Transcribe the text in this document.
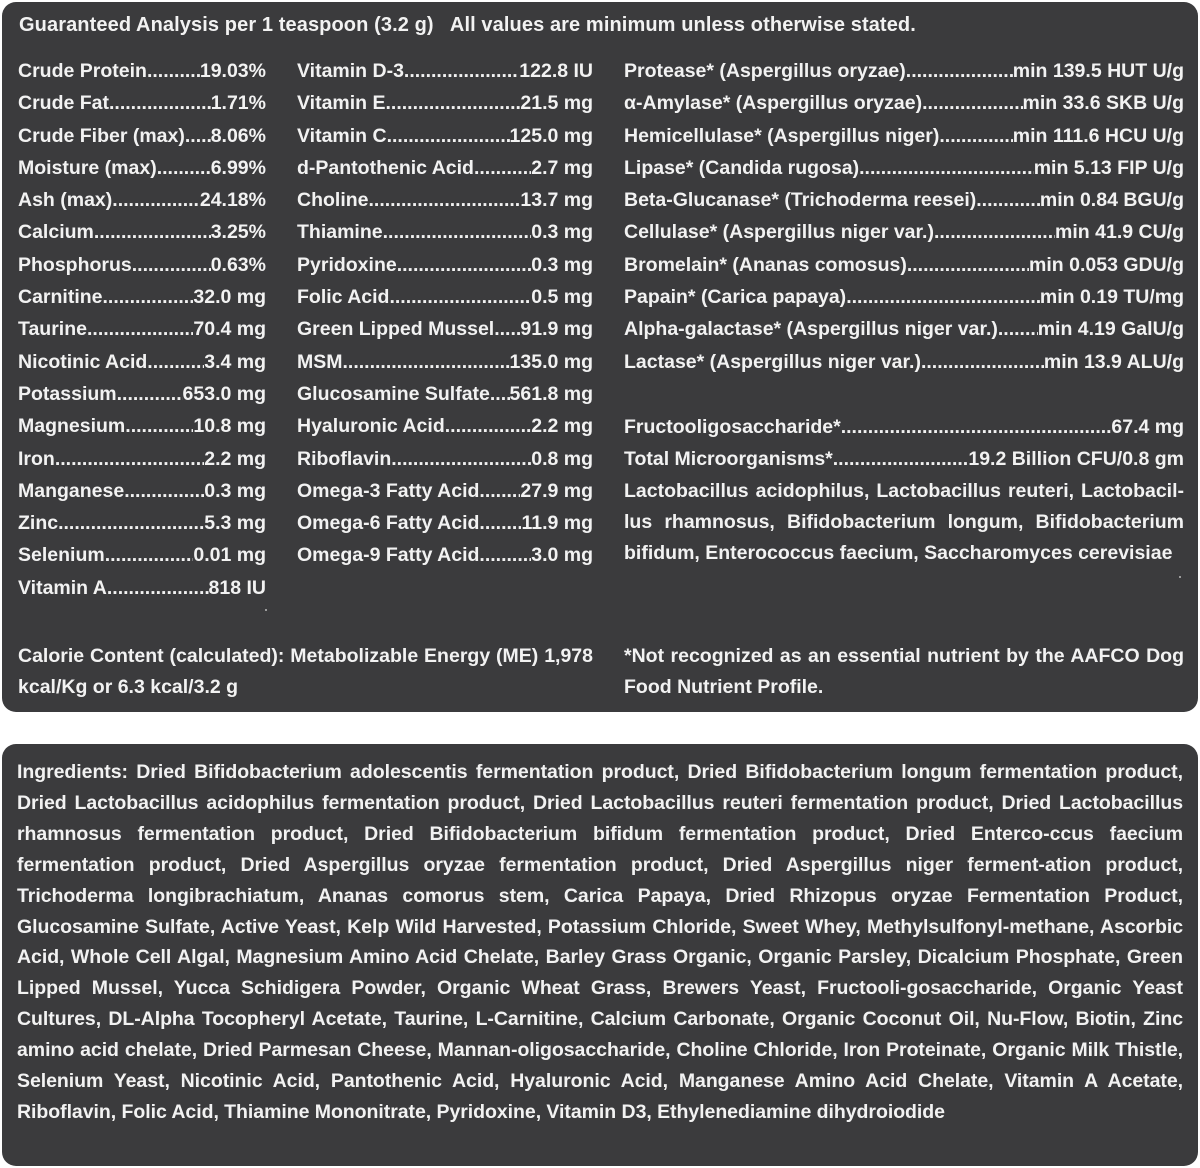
Guaranteed Analysis per 1 teaspoon (3.2 g)   All values are minimum unless otherwise stated.
Crude Protein .....	19.03%
Crude Fat .....	1.71%
Crude Fiber (max) ..... 8.06%
Moisture (max) .....	6.99%
Ash (max) .....	24.18%
Calcium .....	3.25%
Phosphorus .....	0.63%
Carnitine .....	32.0 mg
Taurine .....	70.4 mg
Nicotinic Acid .....	3.4 mg
Potassium .....	653.0 mg
Magnesium .....	10.8 mg
Iron .....	2.2 mg
Manganese .....	0.3 mg
Zinc .....	5.3 mg
Selenium .....	0.01 mg
Vitamin A .....	818 IU
Vitamin D-3 .....	122.8 IU
Vitamin E .....	21.5 mg
Vitamin C .....	125.0 mg
d-Pantothenic Acid .....	2.7 mg
Choline .....	13.7 mg
Thiamine .....	0.3 mg
Pyridoxine .....	0.3 mg
Folic Acid .....	0.5 mg
Green Lipped Mussel ..... 91.9 mg
MSM .....	135.0 mg
Glucosamine Sulfate ..... 561.8 mg
Hyaluronic Acid .....	2.2 mg
Riboflavin .....	0.8 mg
Omega-3 Fatty Acid ..... 27.9 mg
Omega-6 Fatty Acid ..... 11.9 mg
Omega-9 Fatty Acid .....	3.0 mg
Protease* (Aspergillus oryzae) .....	min 139.5 HUT U/g
α-Amylase* (Aspergillus oryzae) .....	min 33.6 SKB U/g
Hemicellulase* (Aspergillus niger) .....	min 111.6 HCU U/g
Lipase* (Candida rugosa) .....	min 5.13 FIP U/g
Beta-Glucanase* (Trichoderma reesei) .....	min 0.84 BGU/g
Cellulase* (Aspergillus niger var.) .....	min 41.9 CU/g
Bromelain* (Ananas comosus) .....	min 0.053 GDU/g
Papain* (Carica papaya) .....	min 0.19 TU/mg
Alpha-galactase* (Aspergillus niger var.) ..... min 4.19 GalU/g
Lactase* (Aspergillus niger var.) .....	min 13.9 ALU/g
Fructooligosaccharide* .....	67.4 mg
Total Microorganisms* .....	19.2 Billion CFU/0.8 gm
Lactobacillus acidophilus, Lactobacillus reuteri, Lactobacil-lus rhamnosus, Bifidobacterium longum, Bifidobacterium bifidum, Enterococcus faecium, Saccharomyces cerevisiae
Calorie Content (calculated): Metabolizable Energy (ME) 1,978 kcal/Kg or 6.3 kcal/3.2 g
*Not recognized as an essential nutrient by the AAFCO Dog Food Nutrient Profile.
Ingredients: Dried Bifidobacterium adolescentis fermentation product, Dried Bifidobacterium longum fermentation product, Dried Lactobacillus acidophilus fermentation product, Dried Lactobacillus reuteri fermentation product, Dried Lactobacillus rhamnosus fermentation product, Dried Bifidobacterium bifidum fermentation product, Dried Enterco-ccus faecium fermentation product, Dried Aspergillus oryzae fermentation product, Dried Aspergillus niger ferment-ation product, Trichoderma longibrachiatum, Ananas comorus stem, Carica Papaya, Dried Rhizopus oryzae Fermentation Product, Glucosamine Sulfate, Active Yeast, Kelp Wild Harvested, Potassium Chloride, Sweet Whey, Methylsulfonyl-methane, Ascorbic Acid, Whole Cell Algal, Magnesium Amino Acid Chelate, Barley Grass Organic, Organic Parsley, Dicalcium Phosphate, Green Lipped Mussel, Yucca Schidigera Powder, Organic Wheat Grass, Brewers Yeast, Fructooli-gosaccharide, Organic Yeast Cultures, DL-Alpha Tocopheryl Acetate, Taurine, L-Carnitine, Calcium Carbonate, Organic Coconut Oil, Nu-Flow, Biotin, Zinc amino acid chelate, Dried Parmesan Cheese, Mannan-oligosaccharide, Choline Chloride, Iron Proteinate, Organic Milk Thistle, Selenium Yeast, Nicotinic Acid, Pantothenic Acid, Hyaluronic Acid, Manganese Amino Acid Chelate, Vitamin A Acetate, Riboflavin, Folic Acid, Thiamine Mononitrate, Pyridoxine, Vitamin D3, Ethylenediamine dihydroiodide
